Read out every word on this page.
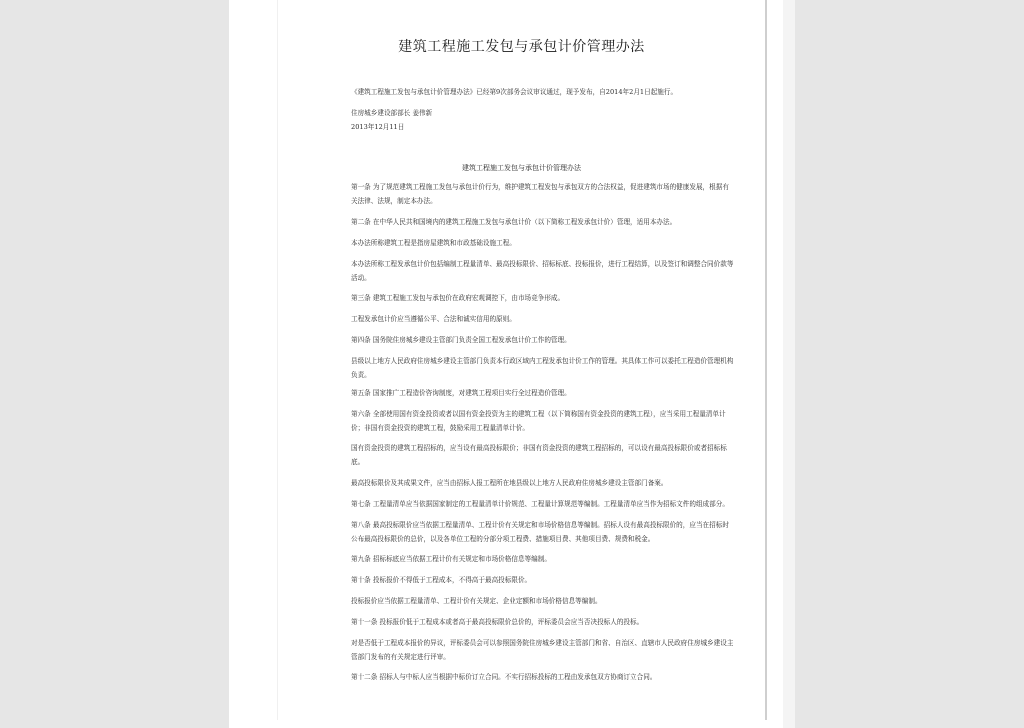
建筑工程施工发包与承包计价管理办法

《建筑工程施工发包与承包计价管理办法》已经第9次部务会议审议通过，现予发布，自2014年2月1日起施行。

住房城乡建设部部长 姜伟新

2013年12月11日

建筑工程施工发包与承包计价管理办法

第一条 为了规范建筑工程施工发包与承包计价行为，维护建筑工程发包与承包双方的合法权益，促进建筑市场的健康发展，根据有

关法律、法规，制定本办法。

第二条 在中华人民共和国境内的建筑工程施工发包与承包计价（以下简称工程发承包计价）管理，适用本办法。

本办法所称建筑工程是指房屋建筑和市政基础设施工程。

本办法所称工程发承包计价包括编制工程量清单、最高投标限价、招标标底、投标报价，进行工程结算，以及签订和调整合同价款等

活动。

第三条 建筑工程施工发包与承包价在政府宏观调控下，由市场竞争形成。

工程发承包计价应当遵循公平、合法和诚实信用的原则。

第四条 国务院住房城乡建设主管部门负责全国工程发承包计价工作的管理。

县级以上地方人民政府住房城乡建设主管部门负责本行政区域内工程发承包计价工作的管理。其具体工作可以委托工程造价管理机构

负责。

第五条 国家推广工程造价咨询制度，对建筑工程项目实行全过程造价管理。

第六条 全部使用国有资金投资或者以国有资金投资为主的建筑工程（以下简称国有资金投资的建筑工程），应当采用工程量清单计

价；非国有资金投资的建筑工程，鼓励采用工程量清单计价。

国有资金投资的建筑工程招标的，应当设有最高投标限价；非国有资金投资的建筑工程招标的，可以设有最高投标限价或者招标标

底。

最高投标限价及其成果文件，应当由招标人报工程所在地县级以上地方人民政府住房城乡建设主管部门备案。

第七条 工程量清单应当依据国家制定的工程量清单计价规范、工程量计算规范等编制。工程量清单应当作为招标文件的组成部分。

第八条 最高投标限价应当依据工程量清单、工程计价有关规定和市场价格信息等编制。招标人设有最高投标限价的，应当在招标时

公布最高投标限价的总价，以及各单位工程的分部分项工程费、措施项目费、其他项目费、规费和税金。

第九条 招标标底应当依据工程计价有关规定和市场价格信息等编制。

第十条 投标报价不得低于工程成本，不得高于最高投标限价。

投标报价应当依据工程量清单、工程计价有关规定、企业定额和市场价格信息等编制。

第十一条 投标报价低于工程成本或者高于最高投标限价总价的，评标委员会应当否决投标人的投标。

对是否低于工程成本报价的异议，评标委员会可以参照国务院住房城乡建设主管部门和省、自治区、直辖市人民政府住房城乡建设主

管部门发布的有关规定进行评审。

第十二条 招标人与中标人应当根据中标价订立合同。不实行招标投标的工程由发承包双方协商订立合同。
